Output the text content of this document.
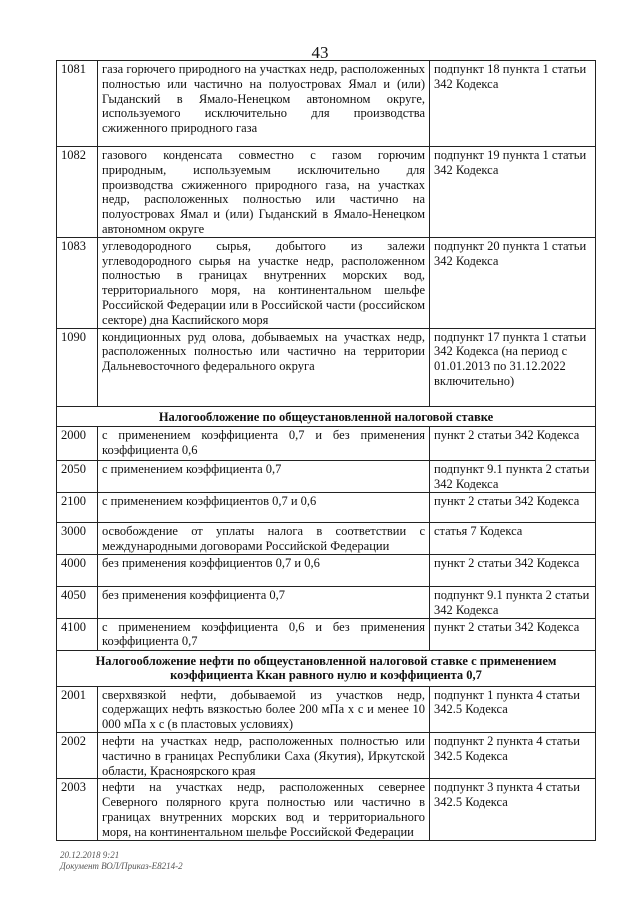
43
1081	газа горючего природного на участках недр, расположенных полностью или частично на полуостровах Ямал и (или) Гыданский в Ямало-Ненецком автономном округе, используемого исключительно для производства сжиженного природного газа	подпункт 18 пункта 1 статьи 342 Кодекса
1082	газового конденсата совместно с газом горючим природным, используемым исключительно для производства сжиженного природного газа, на участках недр, расположенных полностью или частично на полуостровах Ямал и (или) Гыданский в Ямало-Ненецком автономном округе	подпункт 19 пункта 1 статьи 342 Кодекса
1083	углеводородного сырья, добытого из залежи углеводородного сырья на участке недр, расположенном полностью в границах внутренних морских вод, территориального моря, на континентальном шельфе Российской Федерации или в Российской части (российском секторе) дна Каспийского моря	подпункт 20 пункта 1 статьи 342 Кодекса
1090	кондиционных руд олова, добываемых на участках недр, расположенных полностью или частично на территории Дальневосточного федерального округа	подпункт 17 пункта 1 статьи 342 Кодекса (на период с 01.01.2013 по 31.12.2022 включительно)
Налогообложение по общеустановленной налоговой ставке		
2000	с применением коэффициента 0,7 и без применения коэффициента 0,6	пункт 2 статьи 342 Кодекса
2050	с применением коэффициента 0,7	подпункт 9.1 пункта 2 статьи 342 Кодекса
2100	с применением коэффициентов 0,7 и 0,6	пункт 2 статьи 342 Кодекса
3000	освобождение от уплаты налога в соответствии с международными договорами Российской Федерации	статья 7 Кодекса
4000	без применения коэффициентов 0,7 и 0,6	пункт 2 статьи 342 Кодекса
4050	без применения коэффициента 0,7	подпункт 9.1 пункта 2 статьи 342 Кодекса
4100	с применением коэффициента 0,6 и без применения коэффициента 0,7	пункт 2 статьи 342 Кодекса
Налогообложение нефти по общеустановленной налоговой ставке с применением коэффициента Ккан равного нулю и коэффициента 0,7		
2001	сверхвязкой нефти, добываемой из участков недр, содержащих нефть вязкостью более 200 мПа х с и менее 10 000 мПа х с (в пластовых условиях)	подпункт 1 пункта 4 статьи 342.5 Кодекса
2002	нефти на участках недр, расположенных полностью или частично в границах Республики Саха (Якутия), Иркутской области, Красноярского края	подпункт 2 пункта 4 статьи 342.5 Кодекса
2003	нефти на участках недр, расположенных севернее Северного полярного круга полностью или частично в границах внутренних морских вод и территориального моря, на континентальном шельфе Российской Федерации	подпункт 3 пункта 4 статьи 342.5 Кодекса
20.12.2018 9:21
Документ ВОЛ/Приказ-Е8214-2
